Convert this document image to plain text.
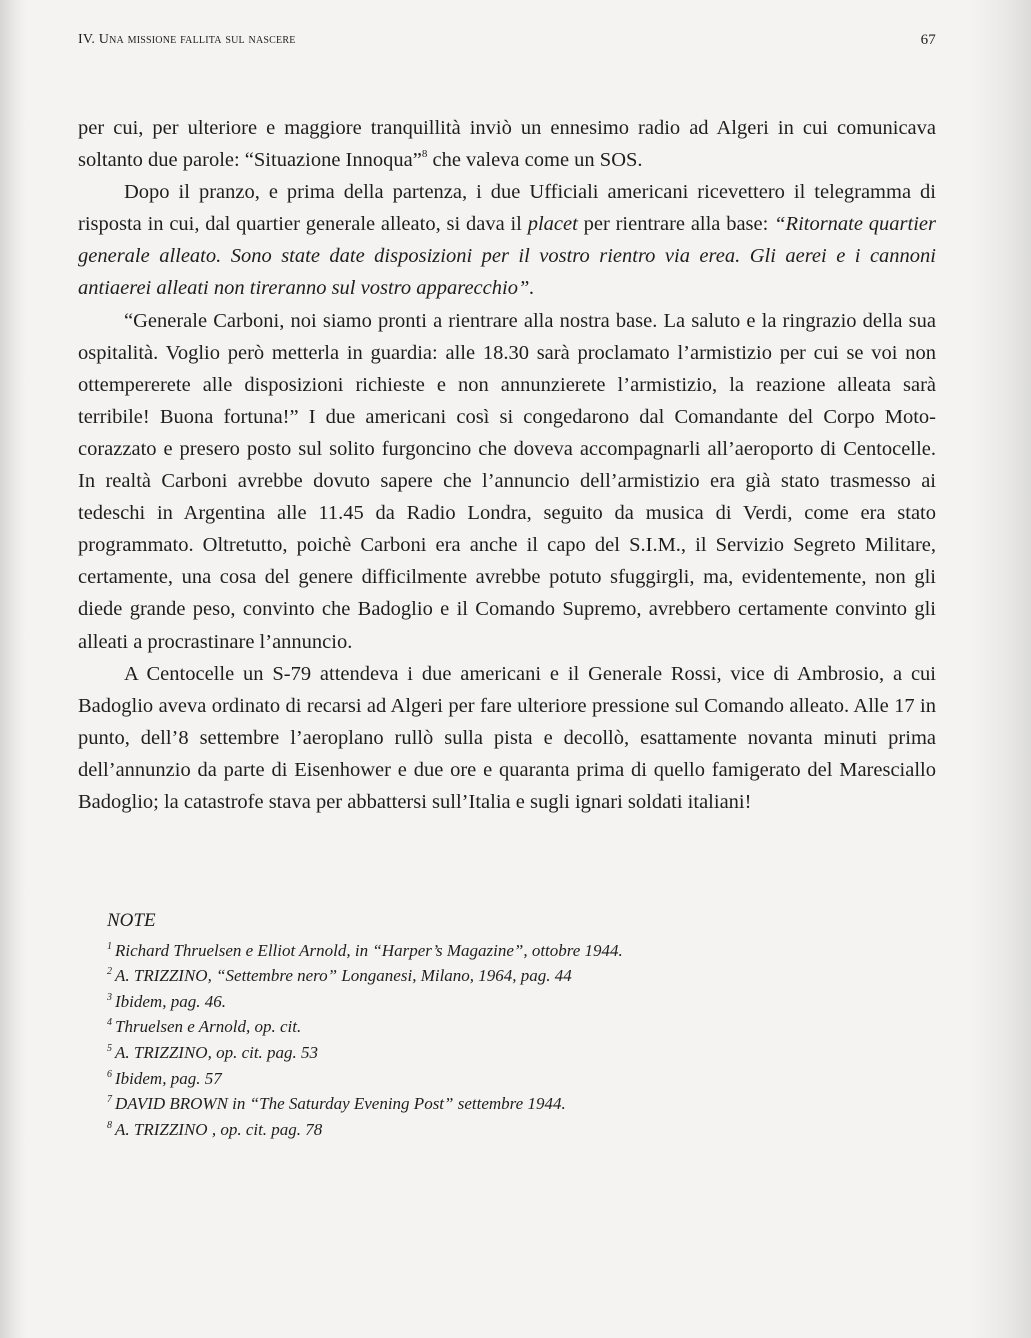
IV. Una missione fallita sul nascere	67

per cui, per ulteriore e maggiore tranquillità inviò un ennesimo radio ad Algeri in cui comunicava soltanto due parole: “Situazione Innoqua”$^8$ che valeva come un SOS.

Dopo il pranzo, e prima della partenza, i due Ufficiali americani ricevettero il telegramma di risposta in cui, dal quartier generale alleato, si dava il placet per rientrare alla base: “Ritornate quartier generale alleato. Sono state date disposizioni per il vostro rientro via erea. Gli aerei e i cannoni antiaerei alleati non tireranno sul vostro apparecchio”.

“Generale Carboni, noi siamo pronti a rientrare alla nostra base. La saluto e la ringrazio della sua ospitalità. Voglio però metterla in guardia: alle 18.30 sarà proclamato l’armistizio per cui se voi non ottempererete alle disposizioni richieste e non annunzierete l’armistizio, la reazione alleata sarà terribile! Buona fortuna!” I due americani così si congedarono dal Comandante del Corpo Moto-corazzato e presero posto sul solito furgoncino che doveva accompagnarli all’aeroporto di Centocelle. In realtà Carboni avrebbe dovuto sapere che l’annuncio dell’armistizio era già stato trasmesso ai tedeschi in Argentina alle 11.45 da Radio Londra, seguito da musica di Verdi, come era stato programmato. Oltretutto, poichè Carboni era anche il capo del S.I.M., il Servizio Segreto Militare, certamente, una cosa del genere difficilmente avrebbe potuto sfuggirgli, ma, evidentemente, non gli diede grande peso, convinto che Badoglio e il Comando Supremo, avrebbero certamente convinto gli alleati a procrastinare l’annuncio.

A Centocelle un S-79 attendeva i due americani e il Generale Rossi, vice di Ambrosio, a cui Badoglio aveva ordinato di recarsi ad Algeri per fare ulteriore pressione sul Comando alleato. Alle 17 in punto, dell’8 settembre l’aeroplano rullò sulla pista e decollò, esattamente novanta minuti prima dell’annunzio da parte di Eisenhower e due ore e quaranta prima di quello famigerato del Maresciallo Badoglio; la catastrofe stava per abbattersi sull’Italia e sugli ignari soldati italiani!

NOTE
$^1$ Richard Thruelsen e Elliot Arnold, in “Harper’s Magazine”, ottobre 1944.
$^2$ A. TRIZZINO, “Settembre nero” Longanesi, Milano, 1964, pag. 44
$^3$ Ibidem, pag. 46.
$^4$ Thruelsen e Arnold, op. cit.
$^5$ A. TRIZZINO, op. cit. pag. 53
$^6$ Ibidem, pag. 57
$^7$ DAVID BROWN in “The Saturday Evening Post” settembre 1944.
$^8$ A. TRIZZINO , op. cit. pag. 78
